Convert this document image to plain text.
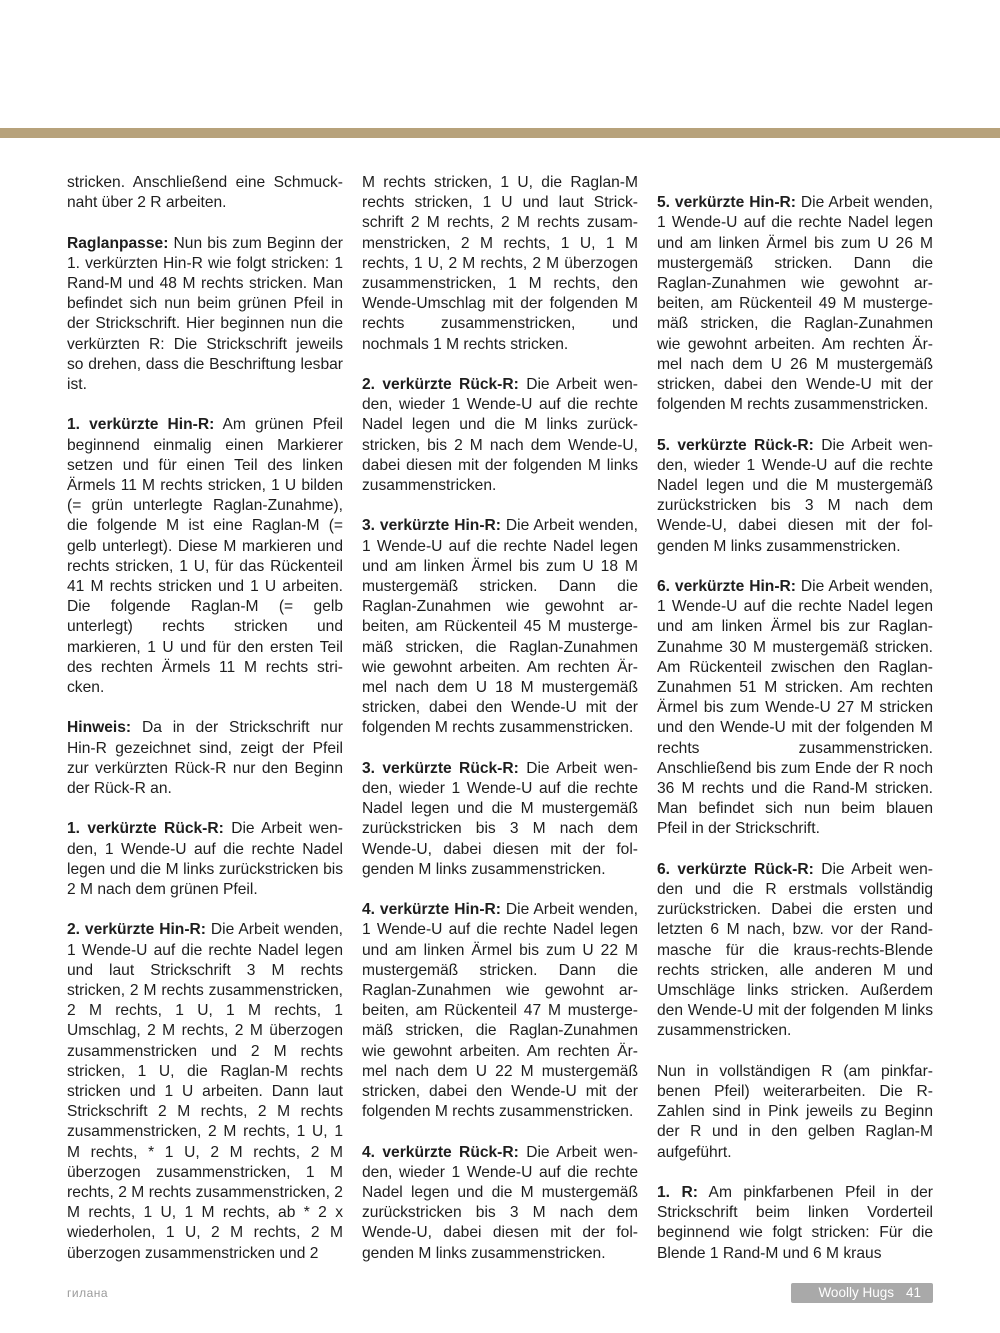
stricken. Anschließend eine Schmucknaht über 2 R arbeiten.

Raglanpasse: Nun bis zum Beginn der 1. verkürzten Hin-R wie folgt stricken: 1 Rand-M und 48 M rechts stricken. Man befindet sich nun beim grünen Pfeil in der Strickschrift. Hier beginnen nun die verkürzten R: Die Strickschrift jeweils so drehen, dass die Beschriftung lesbar ist.

1. verkürzte Hin-R: Am grünen Pfeil beginnend einmalig einen Markierer setzen und für einen Teil des linken Ärmels 11 M rechts stricken, 1 U bilden (= grün unterlegte Raglan-Zunahme), die folgende M ist eine Raglan-M (= gelb unterlegt). Diese M markieren und rechts stricken, 1 U, für das Rückenteil 41 M rechts stricken und 1 U arbeiten. Die folgende Raglan-M (= gelb unterlegt) rechts stricken und markieren, 1 U und für den ersten Teil des rechten Ärmels 11 M rechts stricken.

Hinweis: Da in der Strickschrift nur Hin-R gezeichnet sind, zeigt der Pfeil zur verkürzten Rück-R nur den Beginn der Rück-R an.

1. verkürzte Rück-R: Die Arbeit wenden, 1 Wende-U auf die rechte Nadel legen und die M links zurückstricken bis 2 M nach dem grünen Pfeil.

2. verkürzte Hin-R: Die Arbeit wenden, 1 Wende-U auf die rechte Nadel legen und laut Strickschrift 3 M rechts stricken, 2 M rechts zusammenstricken, 2 M rechts, 1 U, 1 M rechts, 1 Umschlag, 2 M rechts, 2 M überzogen zusammenstricken und 2 M rechts stricken, 1 U, die Raglan-M rechts stricken und 1 U arbeiten. Dann laut Strickschrift 2 M rechts, 2 M rechts zusammenstricken, 2 M rechts, 1 U, 1 M rechts, * 1 U, 2 M rechts, 2 M überzogen zusammenstricken, 1 M rechts, 2 M rechts zusammenstricken, 2 M rechts, 1 U, 1 M rechts, ab * 2 x wiederholen, 1 U, 2 M rechts, 2 M überzogen zusammenstricken und 2

M rechts stricken, 1 U, die Raglan-M rechts stricken, 1 U und laut Strickschrift 2 M rechts, 2 M rechts zusammenstricken, 2 M rechts, 1 U, 1 M rechts, 1 U, 2 M rechts, 2 M überzogen zusammenstricken, 1 M rechts, den Wende-Umschlag mit der folgenden M rechts zusammenstricken, und nochmals 1 M rechts stricken.

2. verkürzte Rück-R: Die Arbeit wenden, wieder 1 Wende-U auf die rechte Nadel legen und die M links zurückstricken, bis 2 M nach dem Wende-U, dabei diesen mit der folgenden M links zusammenstricken.

3. verkürzte Hin-R: Die Arbeit wenden, 1 Wende-U auf die rechte Nadel legen und am linken Ärmel bis zum U 18 M mustergemäß stricken. Dann die Raglan-Zunahmen wie gewohnt arbeiten, am Rückenteil 45 M mustergemäß stricken, die Raglan-Zunahmen wie gewohnt arbeiten. Am rechten Ärmel nach dem U 18 M mustergemäß stricken, dabei den Wende-U mit der folgenden M rechts zusammenstricken.

3. verkürzte Rück-R: Die Arbeit wenden, wieder 1 Wende-U auf die rechte Nadel legen und die M mustergemäß zurückstricken bis 3 M nach dem Wende-U, dabei diesen mit der folgenden M links zusammenstricken.

4. verkürzte Hin-R: Die Arbeit wenden, 1 Wende-U auf die rechte Nadel legen und am linken Ärmel bis zum U 22 M mustergemäß stricken. Dann die Raglan-Zunahmen wie gewohnt arbeiten, am Rückenteil 47 M mustergemäß stricken, die Raglan-Zunahmen wie gewohnt arbeiten. Am rechten Ärmel nach dem U 22 M mustergemäß stricken, dabei den Wende-U mit der folgenden M rechts zusammenstricken.

4. verkürzte Rück-R: Die Arbeit wenden, wieder 1 Wende-U auf die rechte Nadel legen und die M mustergemäß zurückstricken bis 3 M nach dem Wende-U, dabei diesen mit der folgenden M links zusammenstricken.

5. verkürzte Hin-R: Die Arbeit wenden, 1 Wende-U auf die rechte Nadel legen und am linken Ärmel bis zum U 26 M mustergemäß stricken. Dann die Raglan-Zunahmen wie gewohnt arbeiten, am Rückenteil 49 M mustergemäß stricken, die Raglan-Zunahmen wie gewohnt arbeiten. Am rechten Ärmel nach dem U 26 M mustergemäß stricken, dabei den Wende-U mit der folgenden M rechts zusammenstricken.

5. verkürzte Rück-R: Die Arbeit wenden, wieder 1 Wende-U auf die rechte Nadel legen und die M mustergemäß zurückstricken bis 3 M nach dem Wende-U, dabei diesen mit der folgenden M links zusammenstricken.

6. verkürzte Hin-R: Die Arbeit wenden, 1 Wende-U auf die rechte Nadel legen und am linken Ärmel bis zur Raglan-Zunahme 30 M mustergemäß stricken. Am Rückenteil zwischen den Raglan-Zunahmen 51 M stricken. Am rechten Ärmel bis zum Wende-U 27 M stricken und den Wende-U mit der folgenden M rechts zusammenstricken. Anschließend bis zum Ende der R noch 36 M rechts und die Rand-M stricken. Man befindet sich nun beim blauen Pfeil in der Strickschrift.

6. verkürzte Rück-R: Die Arbeit wenden und die R erstmals vollständig zurückstricken. Dabei die ersten und letzten 6 M nach, bzw. vor der Randmasche für die kraus-rechts-Blende rechts stricken, alle anderen M und Umschläge links stricken. Außerdem den Wende-U mit der folgenden M links zusammenstricken.

Nun in vollständigen R (am pinkfarbenen Pfeil) weiterarbeiten. Die R-Zahlen sind in Pink jeweils zu Beginn der R und in den gelben Raglan-M aufgeführt.

1. R: Am pinkfarbenen Pfeil in der Strickschrift beim linken Vorderteil beginnend wie folgt stricken: Für die Blende 1 Rand-M und 6 M kraus

гилана	Woolly Hugs 41
